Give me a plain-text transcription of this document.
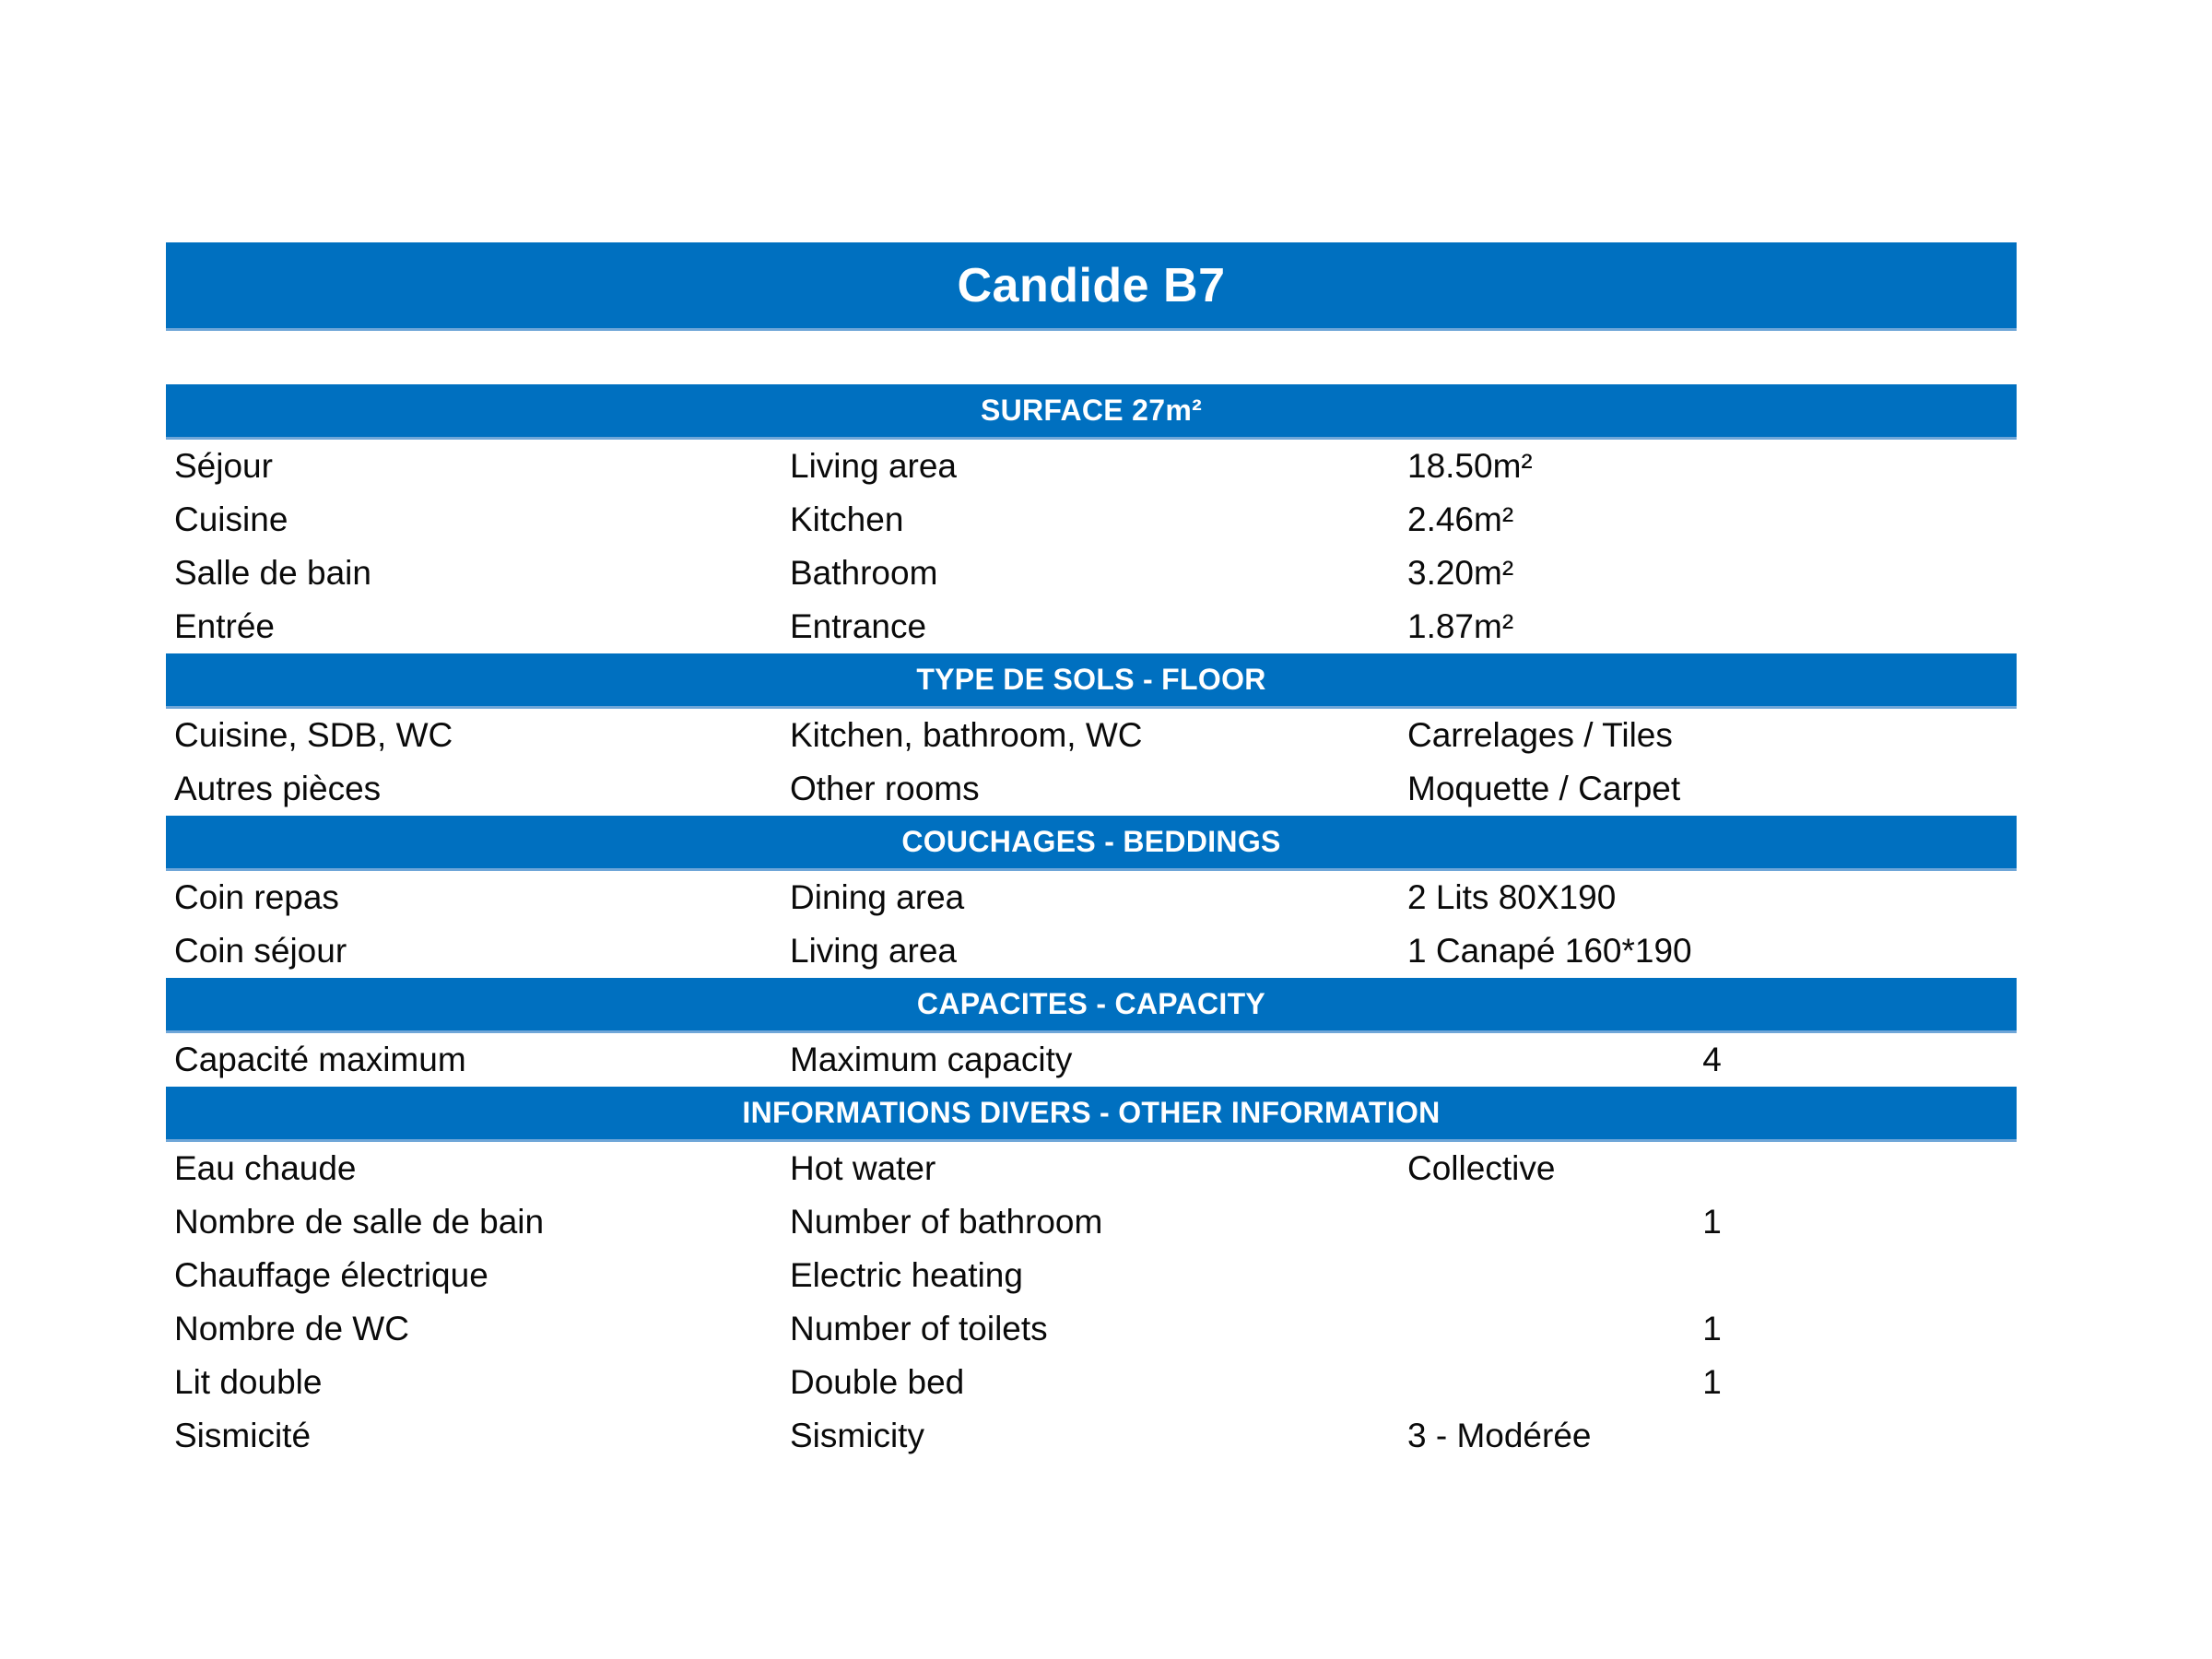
Candide B7
SURFACE 27m²
Séjour	Living area	18.50m²
Cuisine	Kitchen	2.46m²
Salle de bain	Bathroom	3.20m²
Entrée	Entrance	1.87m²
TYPE DE SOLS - FLOOR
Cuisine, SDB, WC	Kitchen, bathroom, WC	Carrelages / Tiles
Autres pièces	Other rooms	Moquette / Carpet
COUCHAGES - BEDDINGS
Coin repas	Dining area	2 Lits 80X190
Coin séjour	Living area	1 Canapé 160*190
CAPACITES - CAPACITY
Capacité maximum	Maximum capacity	4
INFORMATIONS DIVERS - OTHER INFORMATION
Eau chaude	Hot water	Collective
Nombre de salle de bain	Number of bathroom	1
Chauffage électrique	Electric heating
Nombre de WC	Number of toilets	1
Lit double	Double bed	1
Sismicité	Sismicity	3 - Modérée
